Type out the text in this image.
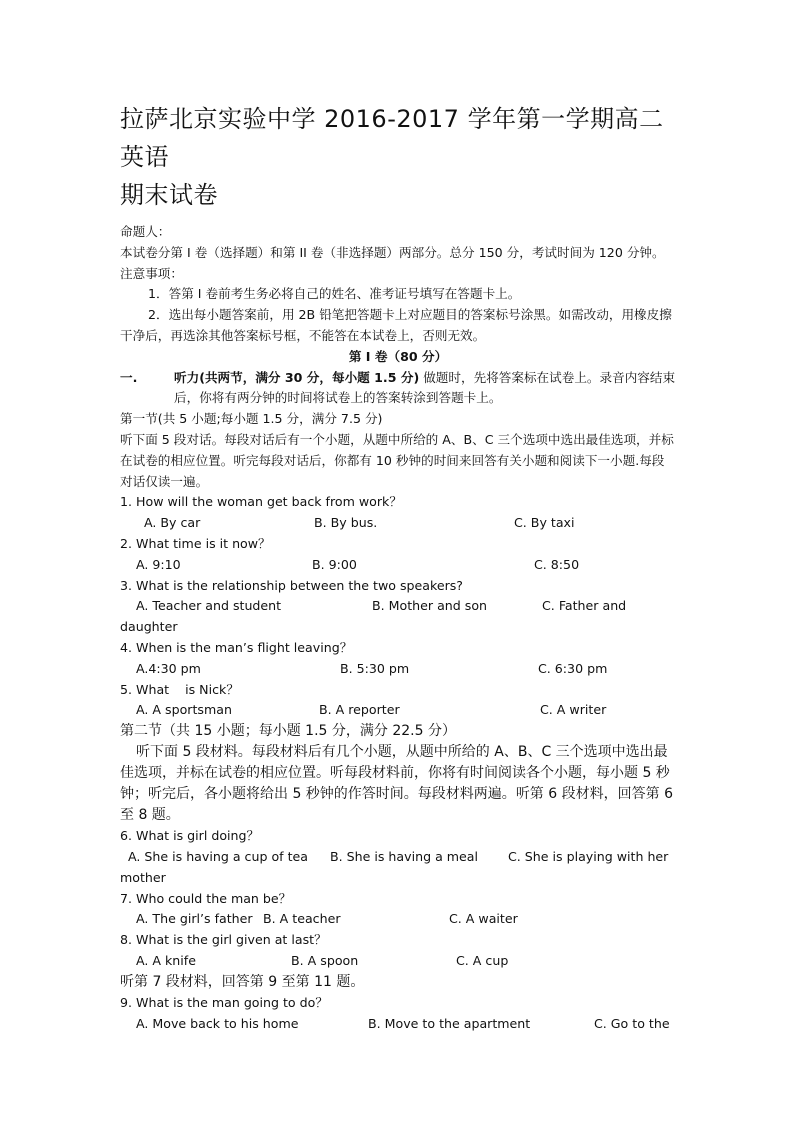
拉萨北京实验中学 2016-2017 学年第一学期高二英语
期末试卷
命题人：
本试卷分第 I 卷（选择题）和第 II 卷（非选择题）两部分。总分 150 分，考试时间为 120 分钟。
注意事项：
1．答第 I 卷前考生务必将自己的姓名、准考证号填写在答题卡上。
2．选出每小题答案前，用 2B 铅笔把答题卡上对应题目的答案标号涂黑。如需改动，用橡皮擦干净后，再选涂其他答案标号框，不能答在本试卷上，否则无效。
第 I 卷（80 分）
一.	听力(共两节，满分 30 分，每小题 1.5 分) 做题时，先将答案标在试卷上。录音内容结束后，你将有两分钟的时间将试卷上的答案转涂到答题卡上。
第一节(共 5 小题;每小题 1.5 分，满分 7.5 分)
听下面 5 段对话。每段对话后有一个小题，从题中所给的 A、B、C 三个选项中选出最佳选项，并标在试卷的相应位置。听完每段对话后，你都有 10 秒钟的时间来回答有关小题和阅读下一小题.每段对话仅读一遍。
1. How will the woman get back from work？
A. By car	B. By bus.	C. By taxi
2. What time is it now？
A. 9:10	B. 9:00	C. 8:50
3. What is the relationship between the two speakers?
A. Teacher and student	B. Mother and son	C. Father and
daughter
4. When is the man’s flight leaving？
A.4:30 pm	B. 5:30 pm	C. 6:30 pm
5. What    is Nick？
A. A sportsman	B. A reporter	C. A writer
第二节（共 15 小题；每小题 1.5 分，满分 22.5 分）
听下面 5 段材料。每段材料后有几个小题，从题中所给的 A、B、C 三个选项中选出最佳选项，并标在试卷的相应位置。听每段材料前，你将有时间阅读各个小题，每小题 5 秒钟；听完后，各小题将给出 5 秒钟的作答时间。每段材料两遍。听第 6 段材料，回答第 6 至 8 题。
6. What is girl doing？
A. She is having a cup of tea	B. She is having a meal	C. She is playing with her
mother
7. Who could the man be？
A. The girl’s father B. A teacher	C. A waiter
8. What is the girl given at last？
A. A knife	B. A spoon	C. A cup
听第 7 段材料，回答第 9 至第 11 题。
9. What is the man going to do？
A. Move back to his home	B. Move to the apartment	C. Go to the
